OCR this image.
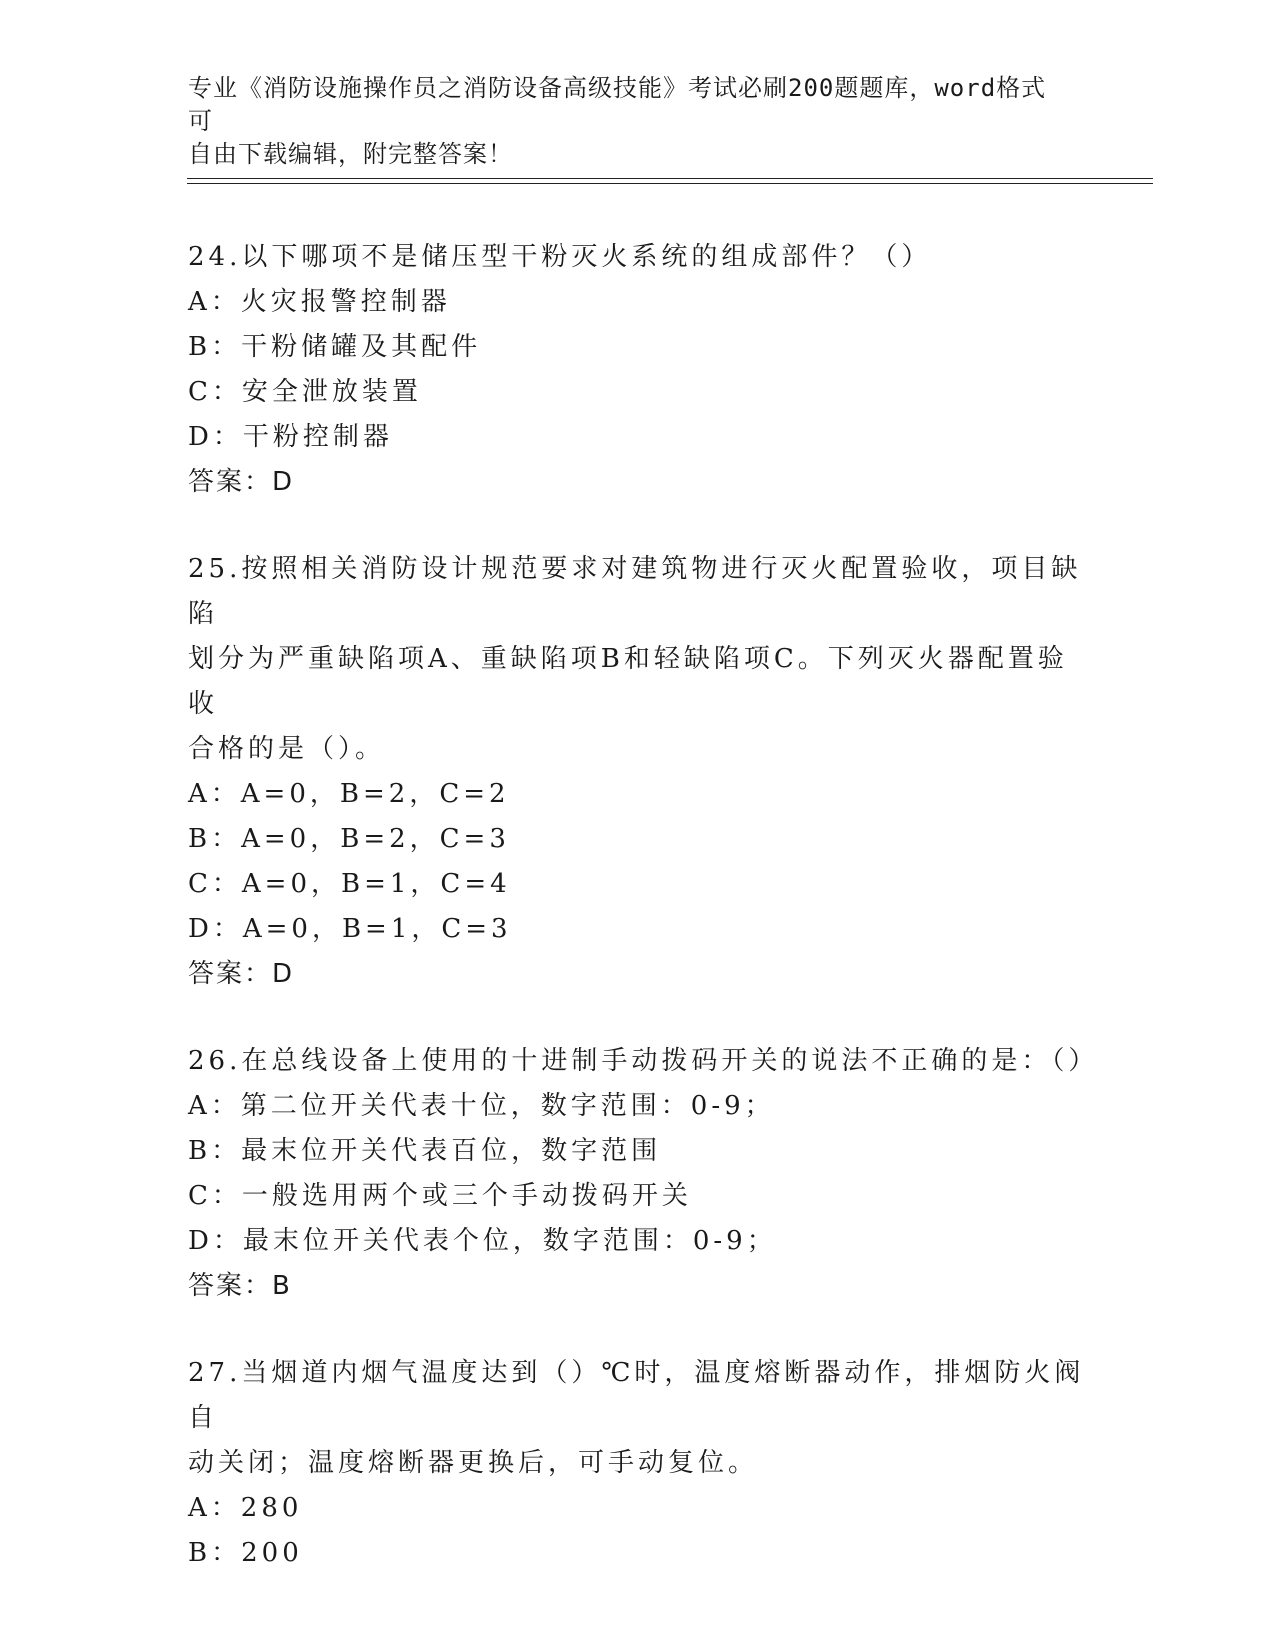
专业《消防设施操作员之消防设备高级技能》考试必刷200题题库，word格式可
自由下载编辑，附完整答案！
24.以下哪项不是储压型干粉灭火系统的组成部件？（）
A：火灾报警控制器
B：干粉储罐及其配件
C：安全泄放装置
D：干粉控制器
答案：D
25.按照相关消防设计规范要求对建筑物进行灭火配置验收，项目缺陷
划分为严重缺陷项A、重缺陷项B和轻缺陷项C。下列灭火器配置验收
合格的是（）。
A：A=0，B=2，C=2
B：A=0，B=2，C=3
C：A=0，B=1，C=4
D：A=0，B=1，C=3
答案：D
26.在总线设备上使用的十进制手动拨码开关的说法不正确的是：（）
A：第二位开关代表十位，数字范围：0-9；
B：最末位开关代表百位，数字范围
C：一般选用两个或三个手动拨码开关
D：最末位开关代表个位，数字范围：0-9；
答案：B
27.当烟道内烟气温度达到（）℃时，温度熔断器动作，排烟防火阀自
动关闭；温度熔断器更换后，可手动复位。
A：280
B：200
